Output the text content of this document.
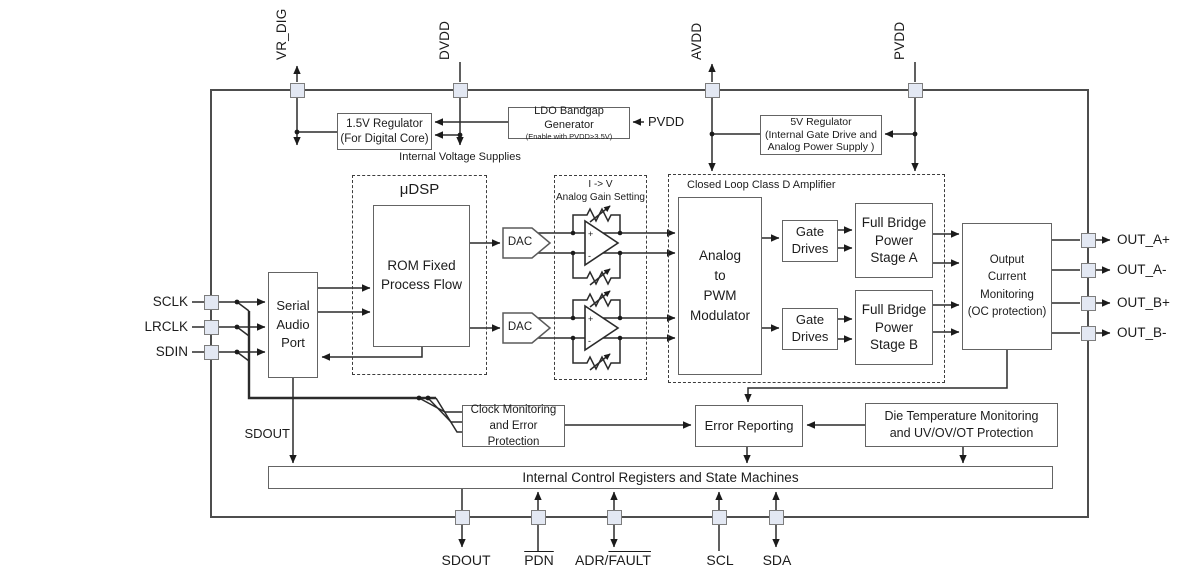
+
-
+
-
μDSP	I -> V
Analog Gain Setting
Closed Loop Class D Amplifier
1.5V Regulator
(For Digital Core)
LDO Bandgap Generator
(Enable with PVDD>3.5V)
5V Regulator
(Internal Gate Drive and
Analog Power Supply )
Serial
Audio
Port
ROM Fixed
Process Flow
Analog
to
PWM
Modulator
Gate
Drives
Gate
Drives
Full Bridge
Power
Stage A
Full Bridge
Power
Stage B
Output
Current
Monitoring
(OC protection)
Clock Monitoring
and Error Protection
Error Reporting
Die Temperature Monitoring
and UV/OV/OT Protection
Internal Control Registers and State Machines
DAC
DAC
VR_DIG	DVDD	AVDD	PVDD
SCLK
LRCLK
SDIN
OUT_A+
OUT_A-
OUT_B+
OUT_B-
SDOUT	$\overline{PDN}$	ADR/FAULT	SCL	SDA
PVDD
Internal Voltage Supplies
SDOUT
